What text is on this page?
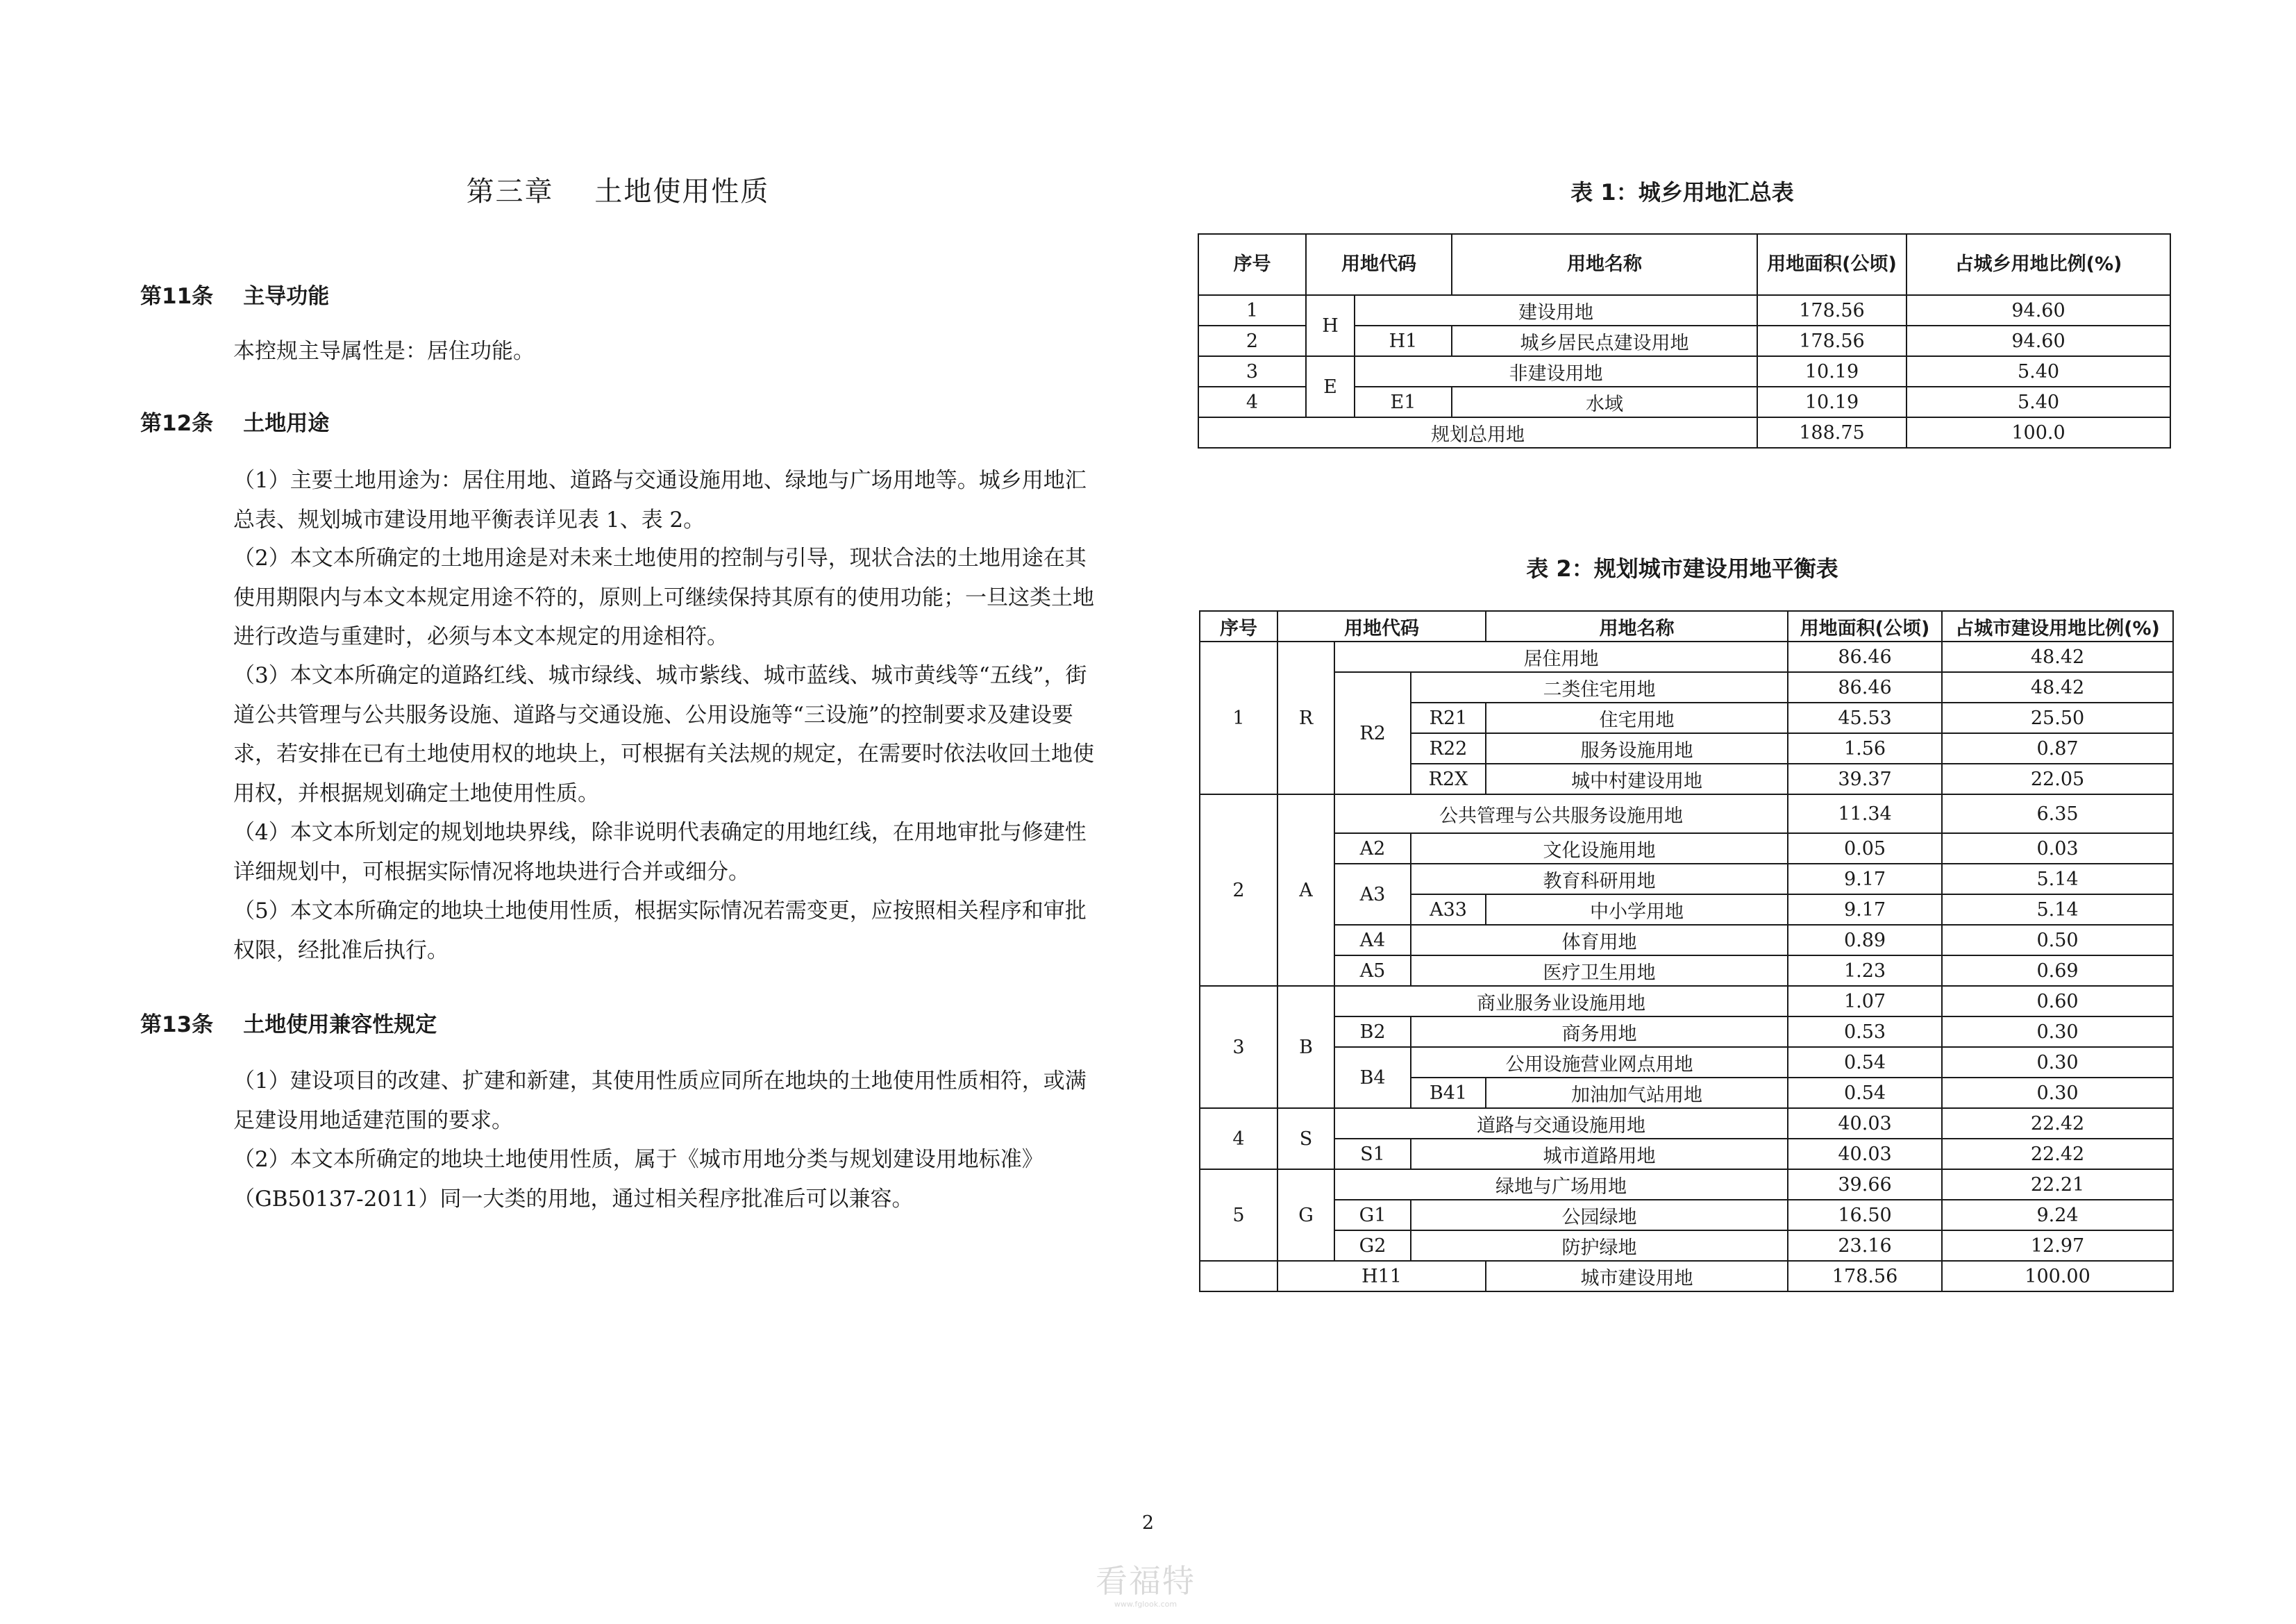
第三章    土地使用性质
第11条    主导功能
本控规主导属性是：居住功能。
第12条    土地用途
（1）主要土地用途为：居住用地、道路与交通设施用地、绿地与广场用地等。城乡用地汇总表、规划城市建设用地平衡表详见表 1、表 2。
（2）本文本所确定的土地用途是对未来土地使用的控制与引导，现状合法的土地用途在其使用期限内与本文本规定用途不符的，原则上可继续保持其原有的使用功能；一旦这类土地进行改造与重建时，必须与本文本规定的用途相符。
（3）本文本所确定的道路红线、城市绿线、城市紫线、城市蓝线、城市黄线等“五线”，街道公共管理与公共服务设施、道路与交通设施、公用设施等“三设施”的控制要求及建设要求，若安排在已有土地使用权的地块上，可根据有关法规的规定，在需要时依法收回土地使用权，并根据规划确定土地使用性质。
（4）本文本所划定的规划地块界线，除非说明代表确定的用地红线，在用地审批与修建性详细规划中，可根据实际情况将地块进行合并或细分。
（5）本文本所确定的地块土地使用性质，根据实际情况若需变更，应按照相关程序和审批权限，经批准后执行。
第13条    土地使用兼容性规定
（1）建设项目的改建、扩建和新建，其使用性质应同所在地块的土地使用性质相符，或满足建设用地适建范围的要求。
（2）本文本所确定的地块土地使用性质，属于《城市用地分类与规划建设用地标准》（GB50137-2011）同一大类的用地，通过相关程序批准后可以兼容。
表 1：城乡用地汇总表
序号	用地代码		用地名称	用地面积(公顷)	占城乡用地比例(%)
1	H	建设用地		178.56	94.60
2		H1	城乡居民点建设用地	178.56	94.60
3	E	非建设用地		10.19	5.40
4		E1	水域	10.19	5.40
规划总用地				188.75	100.0
表 2：规划城市建设用地平衡表
序号	用地代码			用地名称	用地面积(公顷)	占城市建设用地比例(%)
1	R	居住用地			86.46	48.42
		R2	二类住宅用地		86.46	48.42
			R21	住宅用地	45.53	25.50
			R22	服务设施用地	1.56	0.87
			R2X	城中村建设用地	39.37	22.05
2	A	公共管理与公共服务设施用地			11.34	6.35
		A2	文化设施用地		0.05	0.03
		A3	教育科研用地		9.17	5.14
			A33	中小学用地	9.17	5.14
		A4	体育用地		0.89	0.50
		A5	医疗卫生用地		1.23	0.69
3	B	商业服务业设施用地			1.07	0.60
		B2	商务用地		0.53	0.30
		B4	公用设施营业网点用地		0.54	0.30
			B41	加油加气站用地	0.54	0.30
4	S	道路与交通设施用地			40.03	22.42
		S1	城市道路用地		40.03	22.42
5	G	绿地与广场用地			39.66	22.21
		G1	公园绿地		16.50	9.24
		G2	防护绿地		23.16	12.97
	H11			城市建设用地	178.56	100.00
2
看福特
www.fglook.com
